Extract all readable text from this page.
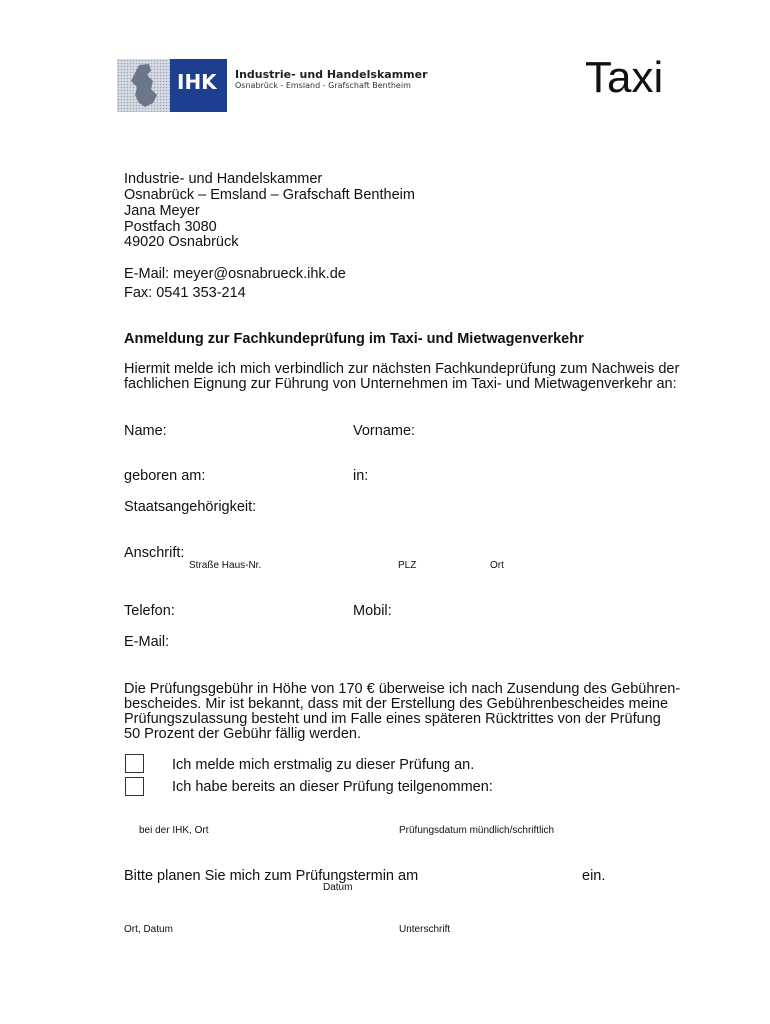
IHK Industrie- und Handelskammer
Osnabrück - Emsland - Grafschaft Bentheim	Taxi
Industrie- und Handelskammer
Osnabrück – Emsland – Grafschaft Bentheim
Jana Meyer
Postfach 3080
49020 Osnabrück
E-Mail: meyer@osnabrueck.ihk.de
Fax: 0541 353-214
Anmeldung zur Fachkundeprüfung im Taxi- und Mietwagenverkehr
Hiermit melde ich mich verbindlich zur nächsten Fachkundeprüfung zum Nachweis der
fachlichen Eignung zur Führung von Unternehmen im Taxi- und Mietwagenverkehr an:
Name:	Vorname:
geboren am:	in:
Staatsangehörigkeit:
Anschrift:
Straße Haus-Nr.	PLZ	Ort
Telefon:	Mobil:
E-Mail:
Die Prüfungsgebühr in Höhe von 170 € überweise ich nach Zusendung des Gebühren-
bescheides. Mir ist bekannt, dass mit der Erstellung des Gebührenbescheides meine
Prüfungszulassung besteht und im Falle eines späteren Rücktrittes von der Prüfung
50 Prozent der Gebühr fällig werden.
Ich melde mich erstmalig zu dieser Prüfung an.
Ich habe bereits an dieser Prüfung teilgenommen:
bei der IHK, Ort	Prüfungsdatum mündlich/schriftlich
Bitte planen Sie mich zum Prüfungstermin am	ein.
Datum
Ort, Datum	Unterschrift
